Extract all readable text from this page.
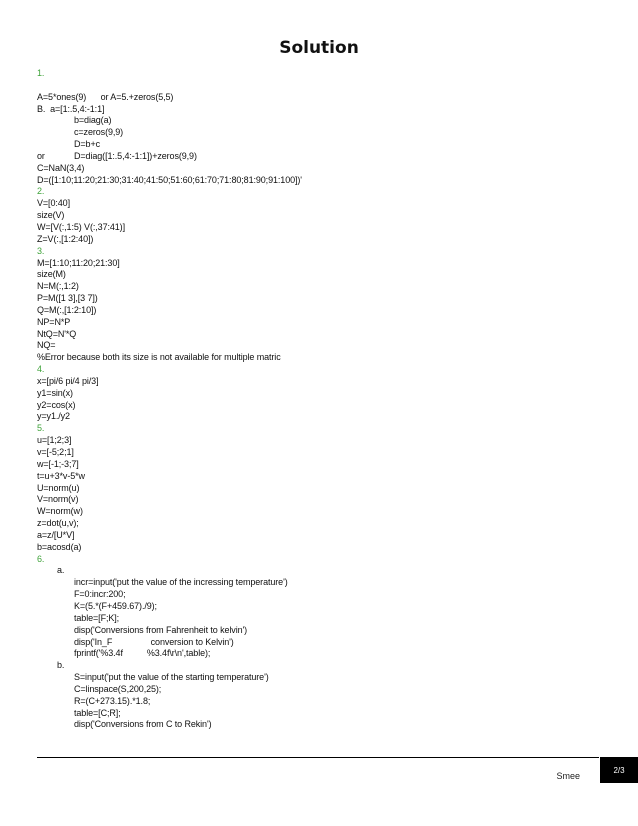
Solution
1.
A=5*ones(9)      or A=5.+zeros(5,5)
B.  a=[1:.5,4:-1:1]
b=diag(a)
c=zeros(9,9)
D=b+c
or	D=diag([1:.5,4:-1:1])+zeros(9,9)
C=NaN(3,4)
D=([1:10;11:20;21:30;31:40;41:50;51:60;61:70;71:80;81:90;91:100])'
2.
V=[0:40]
size(V)
W=[V(:,1:5) V(:,37:41)]
Z=V(:,[1:2:40])
3.
M=[1:10;11:20;21:30]
size(M)
N=M(:,1:2)
P=M([1 3],[3 7])
Q=M(:,[1:2:10])
NP=N*P
NtQ=N'*Q
NQ=
%Error because both its size is not available for multiple matric
4.
x=[pi/6 pi/4 pi/3]
y1=sin(x)
y2=cos(x)
y=y1./y2
5.
u=[1;2;3]
v=[-5;2;1]
w=[-1;-3;7]
t=u+3*v-5*w
U=norm(u)
V=norm(v)
W=norm(w)
z=dot(u,v);
a=z/[U*V]
b=acosd(a)
6.
a.
incr=input('put the value of the incressing temperature')
F=0:incr:200;
K=(5.*(F+459.67)./9);
table=[F;K];
disp('Conversions from Fahrenheit to kelvin')
disp('In_F                conversion to Kelvin')
fprintf('%3.4f          %3.4f\r\n',table);
b.
S=input('put the value of the starting temperature')
C=linspace(S,200,25);
R=(C+273.15).*1.8;
table=[C;R];
disp('Conversions from C to Rekin')
Smee
2/3
